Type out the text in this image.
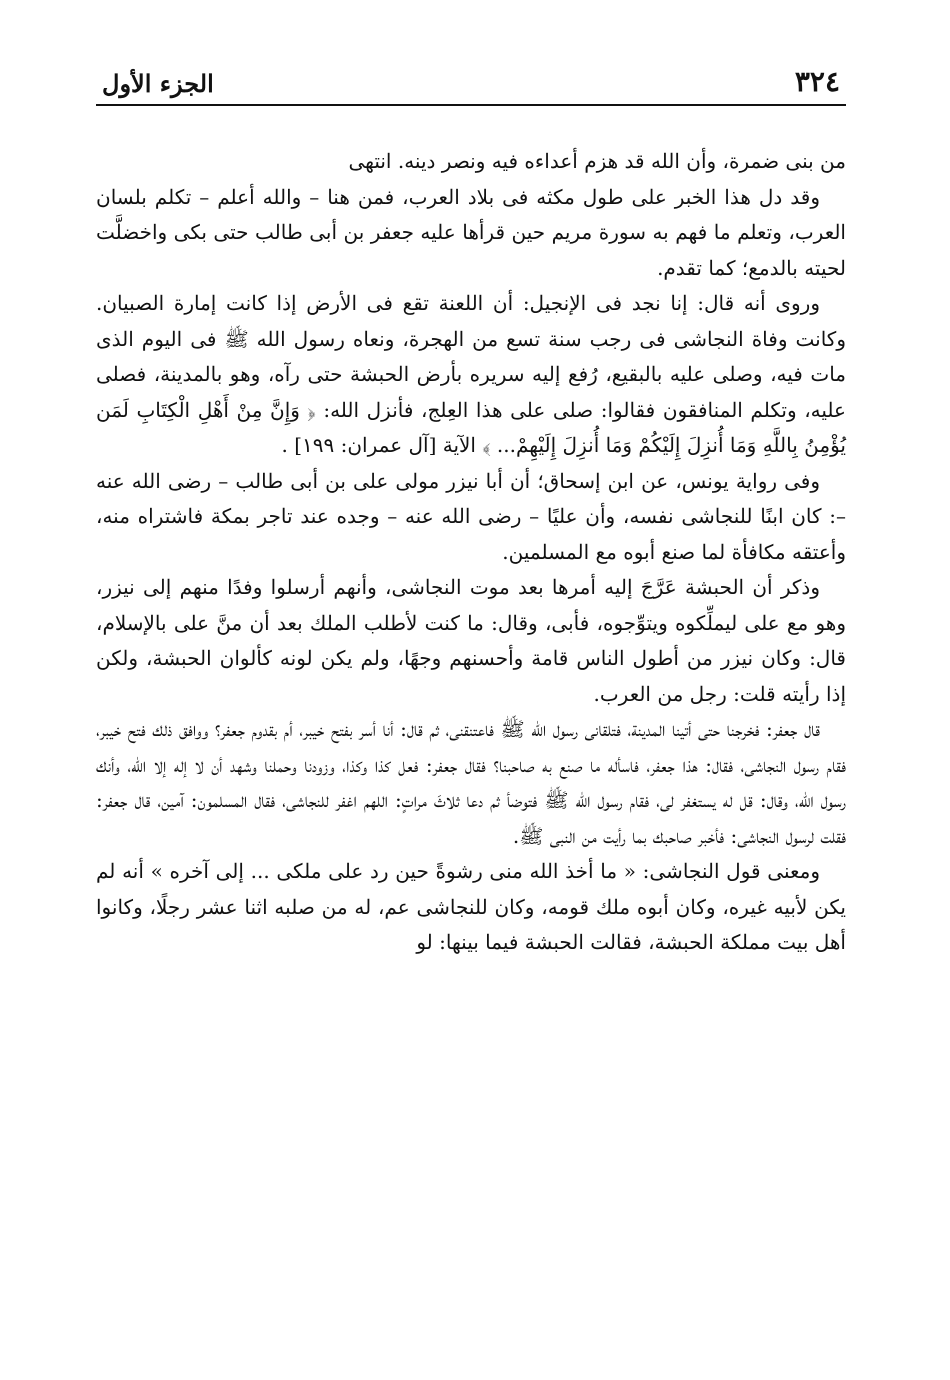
٣٢٤
الجزء الأول

من بنى ضمرة، وأن الله قد هزم أعداءه فيه ونصر دينه. انتهى

وقد دل هذا الخبر على طول مكثه فى بلاد العرب، فمن هنا – والله أعلم – تكلم بلسان العرب، وتعلم ما فهم به سورة مريم حين قرأها عليه جعفر بن أبى طالب حتى بكى واخضلَّت لحيته بالدمع؛ كما تقدم.

وروى أنه قال: إنا نجد فى الإنجيل: أن اللعنة تقع فى الأرض إذا كانت إمارة الصبيان. وكانت وفاة النجاشى فى رجب سنة تسع من الهجرة، ونعاه رسول الله ﷺ فى اليوم الذى مات فيه، وصلى عليه بالبقيع، رُفع إليه سريره بأرض الحبشة حتى رآه، وهو بالمدينة، فصلى عليه، وتكلم المنافقون فقالوا: صلى على هذا العِلج، فأنزل الله: ﴿ وَإِنَّ مِنْ أَهْلِ الْكِتَابِ لَمَن يُؤْمِنُ بِاللَّهِ وَمَا أُنزِلَ إِلَيْكُمْ وَمَا أُنزِلَ إِلَيْهِمْ... ﴾ الآية [آل عمران: ١٩٩] .

وفى رواية يونس، عن ابن إسحاق؛ أن أبا نيزر مولى على بن أبى طالب – رضى الله عنه –: كان ابنًا للنجاشى نفسه، وأن عليًا – رضى الله عنه – وجده عند تاجر بمكة فاشتراه منه، وأعتقه مكافأة لما صنع أبوه مع المسلمين.

وذكر أن الحبشة عَرَّجَ إليه أمرها بعد موت النجاشى، وأنهم أرسلوا وفدًا منهم إلى نيزر، وهو مع على ليملِّكوه ويتوِّجوه، فأبى، وقال: ما كنت لأطلب الملك بعد أن منَّ على بالإسلام، قال: وكان نيزر من أطول الناس قامة وأحسنهم وجهًا، ولم يكن لونه كألوان الحبشة، ولكن إذا رأيته قلت: رجل من العرب.

قال جعفر: فخرجنا حتى أتينا المدينة، فتلقانى رسول الله ﷺ فاعتنقنى، ثم قال: أنا أسر بفتح خيبر، أم بقدوم جعفر؟ ووافق ذلك فتح خيبر، فقام رسول النجاشى، فقال: هذا جعفر، فاسأله ما صنع به صاحبنا؟ فقال جعفر: فعل كذا وكذا، وزودنا وحملنا وشهد أن لا إله إلا الله، وأنك رسول الله، وقال: قل له يستغفر لى، فقام رسول الله ﷺ فتوضأ ثم دعا ثلاثَ مراتٍ: اللهم اغفر للنجاشى، فقال المسلمون: آمين، قال جعفر: فقلت لرسول النجاشى: فأخبر صاحبك بما رأيت من النبى ﷺ.

ومعنى قول النجاشى: « ما أخذ الله منى رشوةً حين رد على ملكى ... إلى آخره » أنه لم يكن لأبيه غيره، وكان أبوه ملك قومه، وكان للنجاشى عم، له من صلبه اثنا عشر رجلًا، وكانوا أهل بيت مملكة الحبشة، فقالت الحبشة فيما بينها: لو
